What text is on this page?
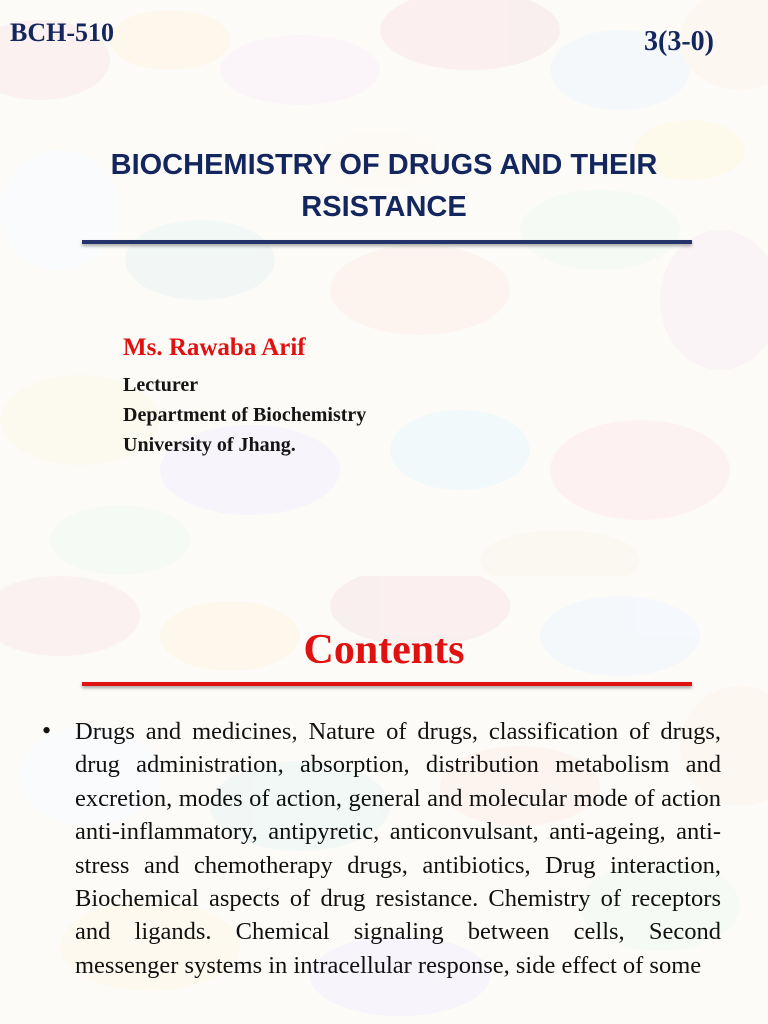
BCH-510	3(3-0)
BIOCHEMISTRY OF DRUGS AND THEIR RSISTANCE
Ms. Rawaba Arif
Lecturer
Department of Biochemistry
University of Jhang.
Contents
• Drugs and medicines, Nature of drugs, classification of drugs, drug administration, absorption, distribution metabolism and excretion, modes of action, general and molecular mode of action anti-inflammatory, antipyretic, anticonvulsant, anti-ageing, anti-stress and chemotherapy drugs, antibiotics, Drug interaction, Biochemical aspects of drug resistance. Chemistry of receptors and ligands. Chemical signaling between cells, Second messenger systems in intracellular response, side effect of some
